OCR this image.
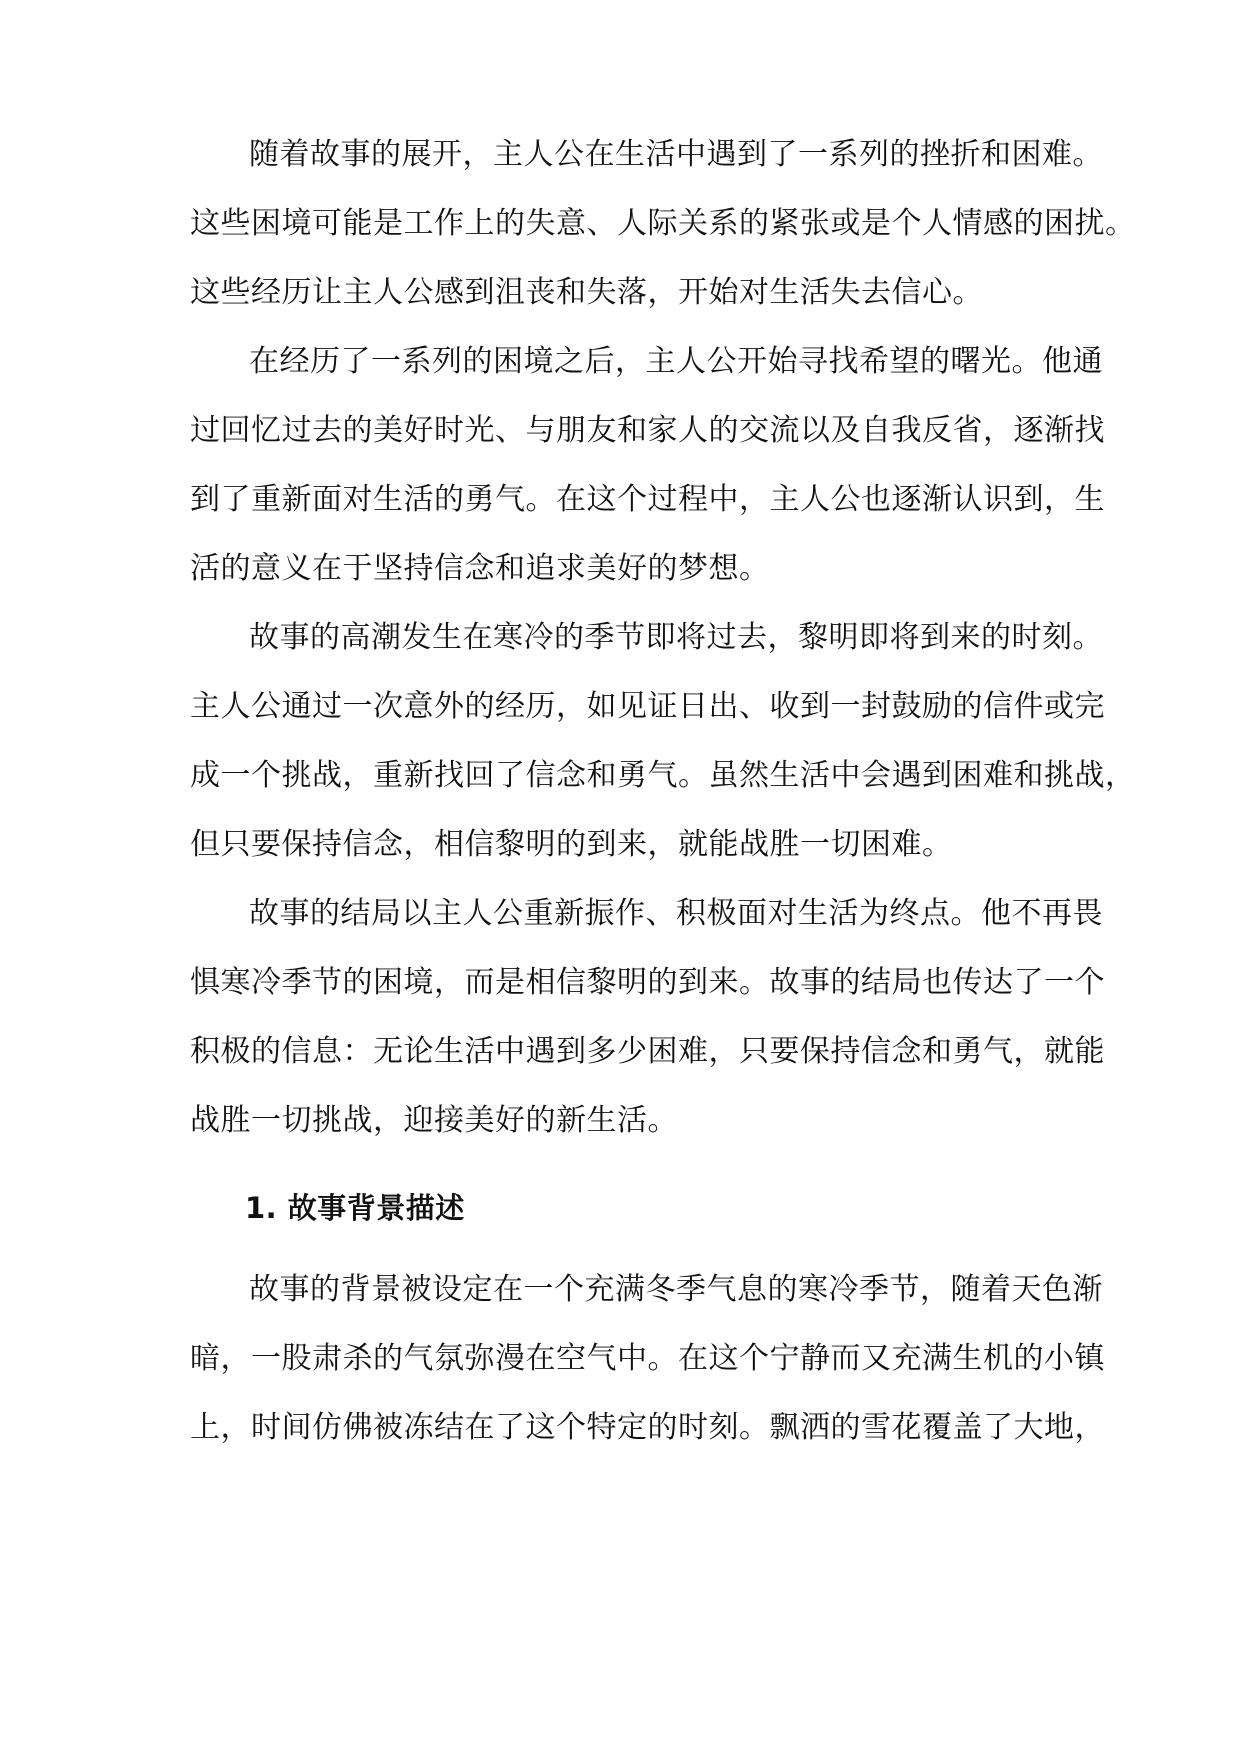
随着故事的展开，主人公在生活中遇到了一系列的挫折和困难。
这些困境可能是工作上的失意、人际关系的紧张或是个人情感的困扰。
这些经历让主人公感到沮丧和失落，开始对生活失去信心。
在经历了一系列的困境之后，主人公开始寻找希望的曙光。他通
过回忆过去的美好时光、与朋友和家人的交流以及自我反省，逐渐找
到了重新面对生活的勇气。在这个过程中，主人公也逐渐认识到，生
活的意义在于坚持信念和追求美好的梦想。
故事的高潮发生在寒冷的季节即将过去，黎明即将到来的时刻。
主人公通过一次意外的经历，如见证日出、收到一封鼓励的信件或完
成一个挑战，重新找回了信念和勇气。虽然生活中会遇到困难和挑战，
但只要保持信念，相信黎明的到来，就能战胜一切困难。
故事的结局以主人公重新振作、积极面对生活为终点。他不再畏
惧寒冷季节的困境，而是相信黎明的到来。故事的结局也传达了一个
积极的信息：无论生活中遇到多少困难，只要保持信念和勇气，就能
战胜一切挑战，迎接美好的新生活。
1. 故事背景描述
故事的背景被设定在一个充满冬季气息的寒冷季节，随着天色渐
暗，一股肃杀的气氛弥漫在空气中。在这个宁静而又充满生机的小镇
上，时间仿佛被冻结在了这个特定的时刻。飘洒的雪花覆盖了大地，
